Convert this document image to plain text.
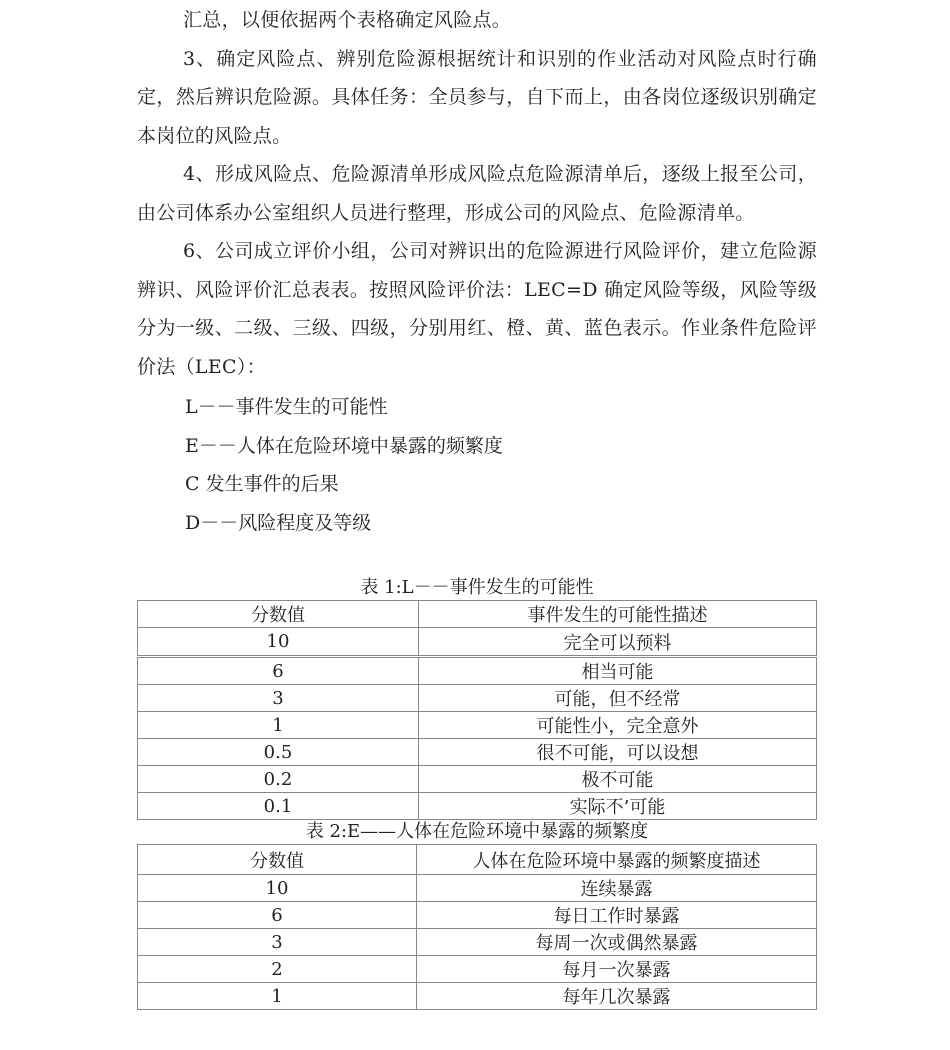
汇总，以便依据两个表格确定风险点。

3、确定风险点、辨别危险源根据统计和识别的作业活动对风险点时行确定，然后辨识危险源。具体任务：全员参与，自下而上，由各岗位逐级识别确定本岗位的风险点。

4、形成风险点、危险源清单形成风险点危险源清单后，逐级上报至公司，由公司体系办公室组织人员进行整理，形成公司的风险点、危险源清单。

6、公司成立评价小组，公司对辨识出的危险源进行风险评价，建立危险源辨识、风险评价汇总表表。按照风险评价法：LEC=D 确定风险等级，风险等级分为一级、二级、三级、四级，分别用红、橙、黄、蓝色表示。作业条件危险评价法（LEC）：

L－－事件发生的可能性

E－－人体在危险环境中暴露的频繁度

C 发生事件的后果

D－－风险程度及等级

表 1:L－－事件发生的可能性
分数值	事件发生的可能性描述
10	完全可以预料
6	相当可能
3	可能，但不经常
1	可能性小，完全意外
0.5	很不可能，可以设想
0.2	极不可能
0.1	实际不’可能
表 2:E——人体在危险环境中暴露的频繁度
分数值	人体在危险环境中暴露的频繁度描述
10	连续暴露
6	每日工作时暴露
3	每周一次或偶然暴露
2	每月一次暴露
1	每年几次暴露
